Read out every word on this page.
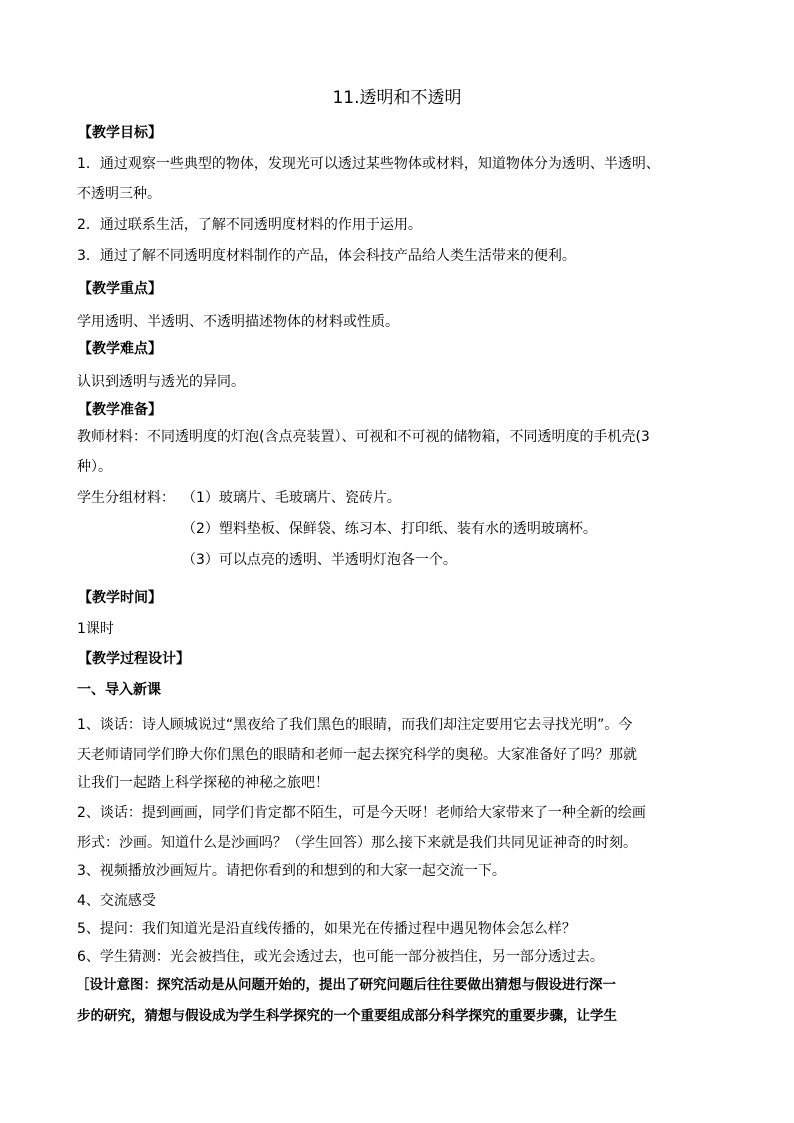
11.透明和不透明
【教学目标】
1．通过观察一些典型的物体，发现光可以透过某些物体或材料，知道物体分为透明、半透明、
不透明三种。
2．通过联系生活，了解不同透明度材料的作用于运用。
3．通过了解不同透明度材料制作的产品，体会科技产品给人类生活带来的便利。
【教学重点】
学用透明、半透明、不透明描述物体的材料或性质。
【教学难点】
认识到透明与透光的异同。
【教学准备】
教师材料：不同透明度的灯泡(含点亮装置）、可视和不可视的储物箱，不同透明度的手机壳(3
种）。
学生分组材料： （1）玻璃片、毛玻璃片、瓷砖片。
（2）塑料垫板、保鲜袋、练习本、打印纸、装有水的透明玻璃杯。
（3）可以点亮的透明、半透明灯泡各一个。
【教学时间】
1课时
【教学过程设计】
一、导入新课
1、谈话：诗人顾城说过“黑夜给了我们黑色的眼睛，而我们却注定要用它去寻找光明”。今
天老师请同学们睁大你们黑色的眼睛和老师一起去探究科学的奥秘。大家准备好了吗？那就
让我们一起踏上科学探秘的神秘之旅吧！
2、谈话：提到画画，同学们肯定都不陌生，可是今天呀！老师给大家带来了一种全新的绘画
形式：沙画。知道什么是沙画吗？（学生回答）那么接下来就是我们共同见证神奇的时刻。
3、视频播放沙画短片。请把你看到的和想到的和大家一起交流一下。
4、交流感受
5、提问：我们知道光是沿直线传播的，如果光在传播过程中遇见物体会怎么样？
6、学生猜测：光会被挡住，或光会透过去，也可能一部分被挡住，另一部分透过去。
［设计意图：探究活动是从问题开始的，提出了研究问题后往往要做出猜想与假设进行深一
步的研究，猜想与假设成为学生科学探究的一个重要组成部分科学探究的重要步骤，让学生
